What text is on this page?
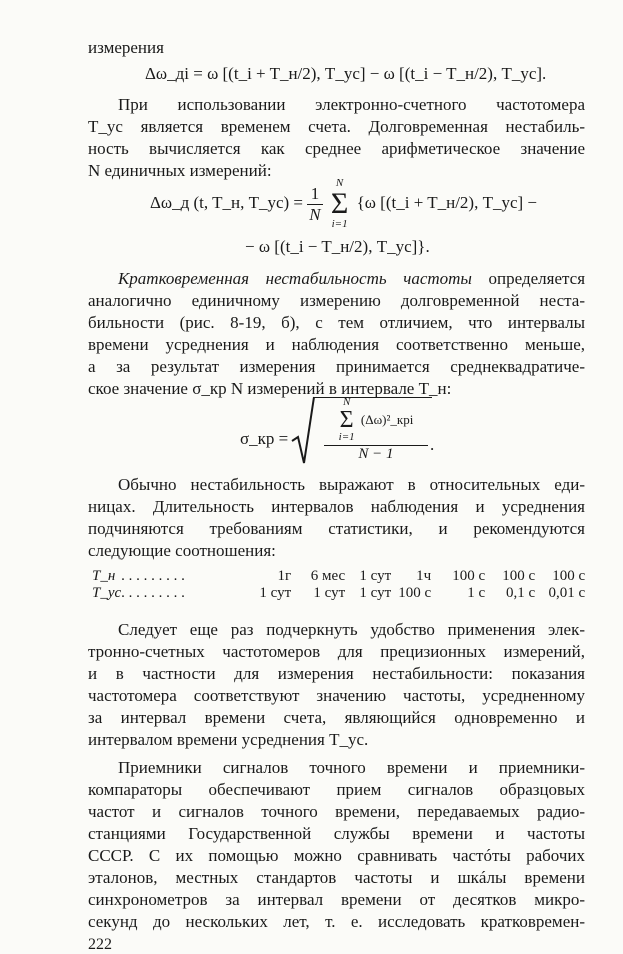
измерения
Δω_дi = ω [(t_i + T_н/2), T_ус] − ω [(t_i − T_н/2), T_ус].
При использовании электронно-счетного частотомера
T_ус является временем счета. Долговременная нестабиль-
ность вычисляется как среднее арифметическое значение
N единичных измерений:
Δω_д (t, T_н, T_ус) = $\frac{1}{N}$

N
Σ
i=1
{ω [(t_i + T_н/2), T_ус] −
− ω [(t_i − T_н/2), T_ус]}.
Кратковременная нестабильность частоты определяется
аналогично единичному измерению долговременной неста-
бильности (рис. 8-19, б), с тем отличием, что интервалы
времени усреднения и наблюдения соответственно меньше,
а за результат измерения принимается среднеквадратиче-
ское значение σ_кр N измерений в интервале T_н:
σ_кр =
N
Σ
i=1
(Δω)²_крi
N − 1	.
Обычно нестабильность выражают в относительных еди-
ницах. Длительность интервалов наблюдения и усреднения
подчиняются требованиям статистики, и рекомендуются
следующие соотношения:
T_н	. . . . . . . . .	1г	6 мес	1 сут	1ч	100 с	100 с	100 с
T_ус	. . . . . . . . .	1 сут	1 сут	1 сут	100 с	1 с	0,1 с	0,01 с
Следует еще раз подчеркнуть удобство применения элек-
тронно-счетных частотомеров для прецизионных измерений,
и в частности для измерения нестабильности: показания
частотомера соответствуют значению частоты, усредненному
за интервал времени счета, являющийся одновременно и
интервалом времени усреднения T_ус.
Приемники сигналов точного времени и приемники-
компараторы обеспечивают прием сигналов образцовых
частот и сигналов точного времени, передаваемых радио-
станциями Государственной службы времени и частоты
СССР. С их помощью можно сравнивать частóты рабочих
эталонов, местных стандартов частоты и шкáлы времени
синхронометров за интервал времени от десятков микро-
секунд до нескольких лет, т. е. исследовать кратковремен-
222
